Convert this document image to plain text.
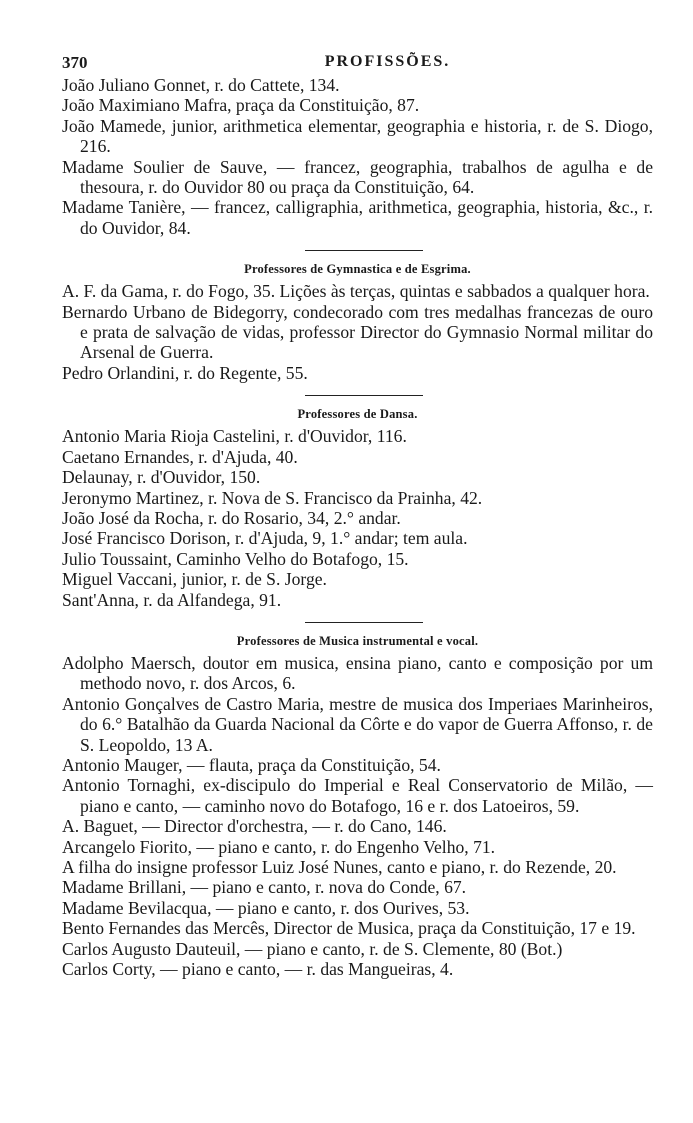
370	PROFISSÕES.

João Juliano Gonnet, r. do Cattete, 134.

João Maximiano Mafra, praça da Constituição, 87.

João Mamede, junior, arithmetica elementar, geographia e historia, r. de S. Diogo, 216.

Madame Soulier de Sauve, — francez, geographia, trabalhos de agulha e de thesoura, r. do Ouvidor 80 ou praça da Constituição, 64.

Madame Tanière, — francez, calligraphia, arithmetica, geographia, historia, &c., r. do Ouvidor, 84.

Professores de Gymnastica e de Esgrima.

A. F. da Gama, r. do Fogo, 35. Lições às terças, quintas e sabbados a qualquer hora.

Bernardo Urbano de Bidegorry, condecorado com tres medalhas francezas de ouro e prata de salvação de vidas, professor Director do Gymnasio Normal militar do Arsenal de Guerra.

Pedro Orlandini, r. do Regente, 55.

Professores de Dansa.

Antonio Maria Rioja Castelini, r. d'Ouvidor, 116.

Caetano Ernandes, r. d'Ajuda, 40.

Delaunay, r. d'Ouvidor, 150.

Jeronymo Martinez, r. Nova de S. Francisco da Prainha, 42.

João José da Rocha, r. do Rosario, 34, 2.° andar.

José Francisco Dorison, r. d'Ajuda, 9, 1.° andar; tem aula.

Julio Toussaint, Caminho Velho do Botafogo, 15.

Miguel Vaccani, junior, r. de S. Jorge.

Sant'Anna, r. da Alfandega, 91.

Professores de Musica instrumental e vocal.

Adolpho Maersch, doutor em musica, ensina piano, canto e composição por um methodo novo, r. dos Arcos, 6.

Antonio Gonçalves de Castro Maria, mestre de musica dos Imperiaes Marinheiros, do 6.° Batalhão da Guarda Nacional da Côrte e do vapor de Guerra Affonso, r. de S. Leopoldo, 13 A.

Antonio Mauger, — flauta, praça da Constituição, 54.

Antonio Tornaghi, ex-discipulo do Imperial e Real Conservatorio de Milão, — piano e canto, — caminho novo do Botafogo, 16 e r. dos Latoeiros, 59.

A. Baguet, — Director d'orchestra, — r. do Cano, 146.

Arcangelo Fiorito, — piano e canto, r. do Engenho Velho, 71.

A filha do insigne professor Luiz José Nunes, canto e piano, r. do Rezende, 20.

Madame Brillani, — piano e canto, r. nova do Conde, 67.

Madame Bevilacqua, — piano e canto, r. dos Ourives, 53.

Bento Fernandes das Mercês, Director de Musica, praça da Constituição, 17 e 19.

Carlos Augusto Dauteuil, — piano e canto, r. de S. Clemente, 80 (Bot.)

Carlos Corty, — piano e canto, — r. das Mangueiras, 4.
